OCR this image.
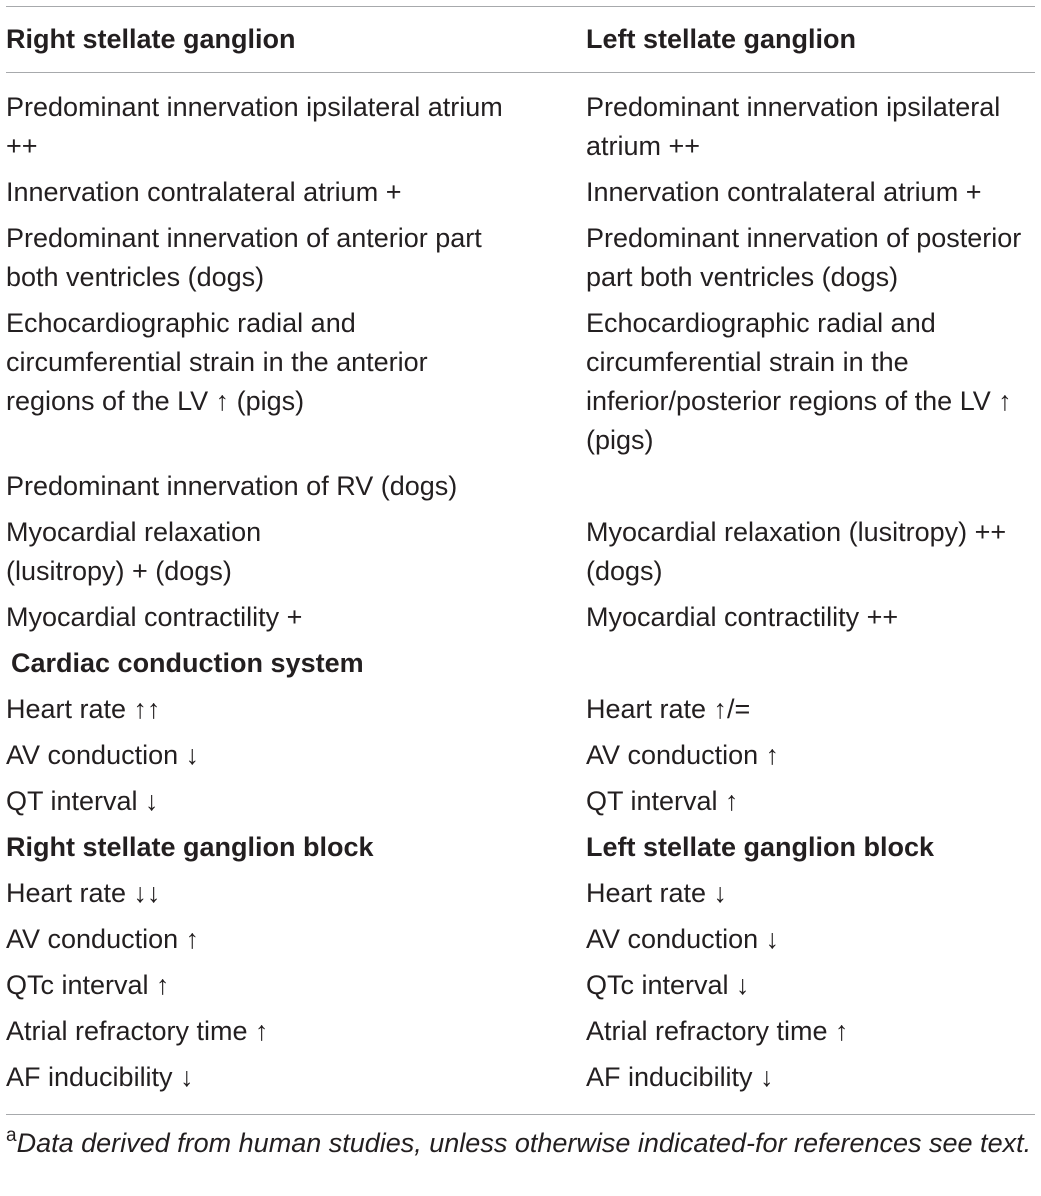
Right stellate ganglion	Left stellate ganglion
Predominant innervation ipsilateral atrium ++	Predominant innervation ipsilateral atrium ++
Innervation contralateral atrium +	Innervation contralateral atrium +
Predominant innervation of anterior part both ventricles (dogs)	Predominant innervation of posterior part both ventricles (dogs)
Echocardiographic radial and circumferential strain in the anterior regions of the LV ↑ (pigs)	Echocardiographic radial and circumferential strain in the inferior/posterior regions of the LV ↑ (pigs)
Predominant innervation of RV (dogs)	
Myocardial relaxation (lusitropy) + (dogs)	Myocardial relaxation (lusitropy) ++ (dogs)
Myocardial contractility +	Myocardial contractility ++
Cardiac conduction system	
Heart rate ↑↑	Heart rate ↑/=
AV conduction ↓	AV conduction ↑
QT interval ↓	QT interval ↑
Right stellate ganglion block	Left stellate ganglion block
Heart rate ↓↓	Heart rate ↓
AV conduction ↑	AV conduction ↓
QTc interval ↑	QTc interval ↓
Atrial refractory time ↑	Atrial refractory time ↑
AF inducibility ↓	AF inducibility ↓
$^a$Data derived from human studies, unless otherwise indicated-for references see text.
